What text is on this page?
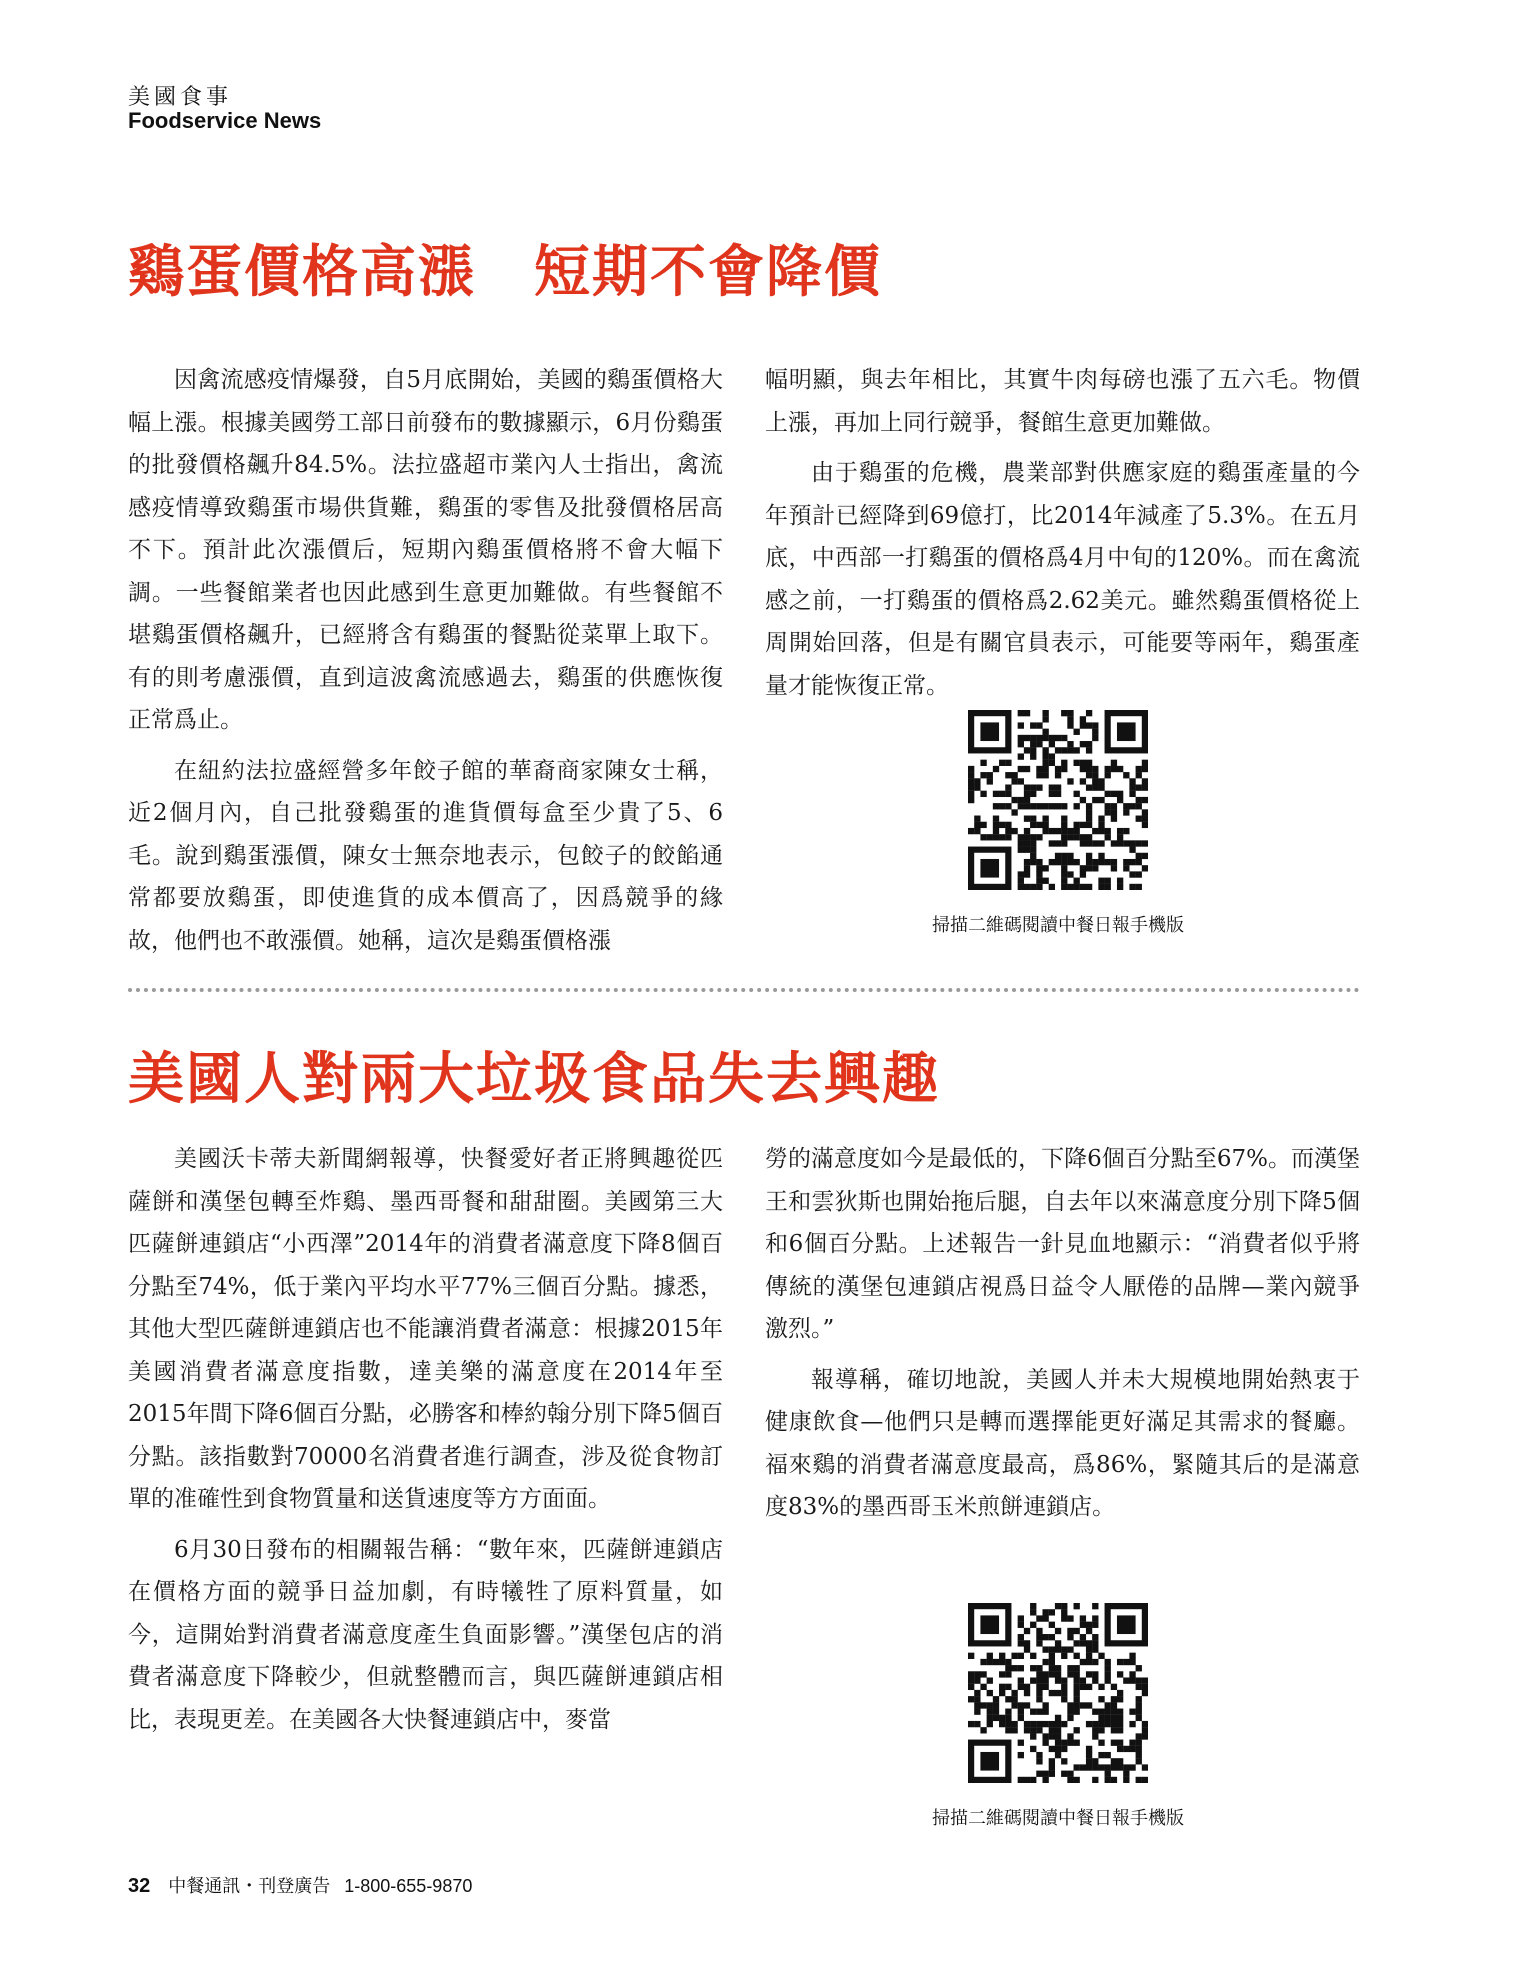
美國食事
Foodservice News
鷄蛋價格高漲　短期不會降價

因禽流感疫情爆發，自5月底開始，美國的鷄蛋價格大幅上漲。根據美國勞工部日前發布的數據顯示，6月份鷄蛋的批發價格飆升84.5%。法拉盛超市業內人士指出，禽流感疫情導致鷄蛋市場供貨難，鷄蛋的零售及批發價格居高不下。預計此次漲價后，短期內鷄蛋價格將不會大幅下調。一些餐館業者也因此感到生意更加難做。有些餐館不堪鷄蛋價格飆升，已經將含有鷄蛋的餐點從菜單上取下。有的則考慮漲價，直到這波禽流感過去，鷄蛋的供應恢復正常爲止。

在紐約法拉盛經營多年餃子館的華裔商家陳女士稱，近2個月內，自己批發鷄蛋的進貨價每盒至少貴了5、6毛。說到鷄蛋漲價，陳女士無奈地表示，包餃子的餃餡通常都要放鷄蛋，即使進貨的成本價高了，因爲競爭的緣故，他們也不敢漲價。她稱，這次是鷄蛋價格漲

幅明顯，與去年相比，其實牛肉每磅也漲了五六毛。物價上漲，再加上同行競爭，餐館生意更加難做。

由于鷄蛋的危機，農業部對供應家庭的鷄蛋產量的今年預計已經降到69億打，比2014年減產了5.3%。在五月底，中西部一打鷄蛋的價格爲4月中旬的120%。而在禽流感之前，一打鷄蛋的價格爲2.62美元。雖然鷄蛋價格從上周開始回落，但是有關官員表示，可能要等兩年，鷄蛋產量才能恢復正常。

掃描二維碼閱讀中餐日報手機版
美國人對兩大垃圾食品失去興趣

美國沃卡蒂夫新聞網報導，快餐愛好者正將興趣從匹薩餅和漢堡包轉至炸鷄、墨西哥餐和甜甜圈。美國第三大匹薩餅連鎖店“小西澤”2014年的消費者滿意度下降8個百分點至74%，低于業內平均水平77%三個百分點。據悉，其他大型匹薩餅連鎖店也不能讓消費者滿意：根據2015年美國消費者滿意度指數，達美樂的滿意度在2014年至2015年間下降6個百分點，必勝客和棒約翰分別下降5個百分點。該指數對70000名消費者進行調查，涉及從食物訂單的准確性到食物質量和送貨速度等方方面面。

6月30日發布的相關報告稱：“數年來，匹薩餅連鎖店在價格方面的競爭日益加劇，有時犧牲了原料質量，如今，這開始對消費者滿意度產生負面影響。”漢堡包店的消費者滿意度下降較少，但就整體而言，與匹薩餅連鎖店相比，表現更差。在美國各大快餐連鎖店中，麥當

勞的滿意度如今是最低的，下降6個百分點至67%。而漢堡王和雲狄斯也開始拖后腿，自去年以來滿意度分別下降5個和6個百分點。上述報告一針見血地顯示：“消費者似乎將傳統的漢堡包連鎖店視爲日益令人厭倦的品牌—業內競爭激烈。”

報導稱，確切地說，美國人并未大規模地開始熱衷于健康飲食—他們只是轉而選擇能更好滿足其需求的餐廳。福來鷄的消費者滿意度最高，爲86%，緊隨其后的是滿意度83%的墨西哥玉米煎餅連鎖店。

掃描二維碼閱讀中餐日報手機版
32 中餐通訊・刊登廣告 1-800-655-9870
